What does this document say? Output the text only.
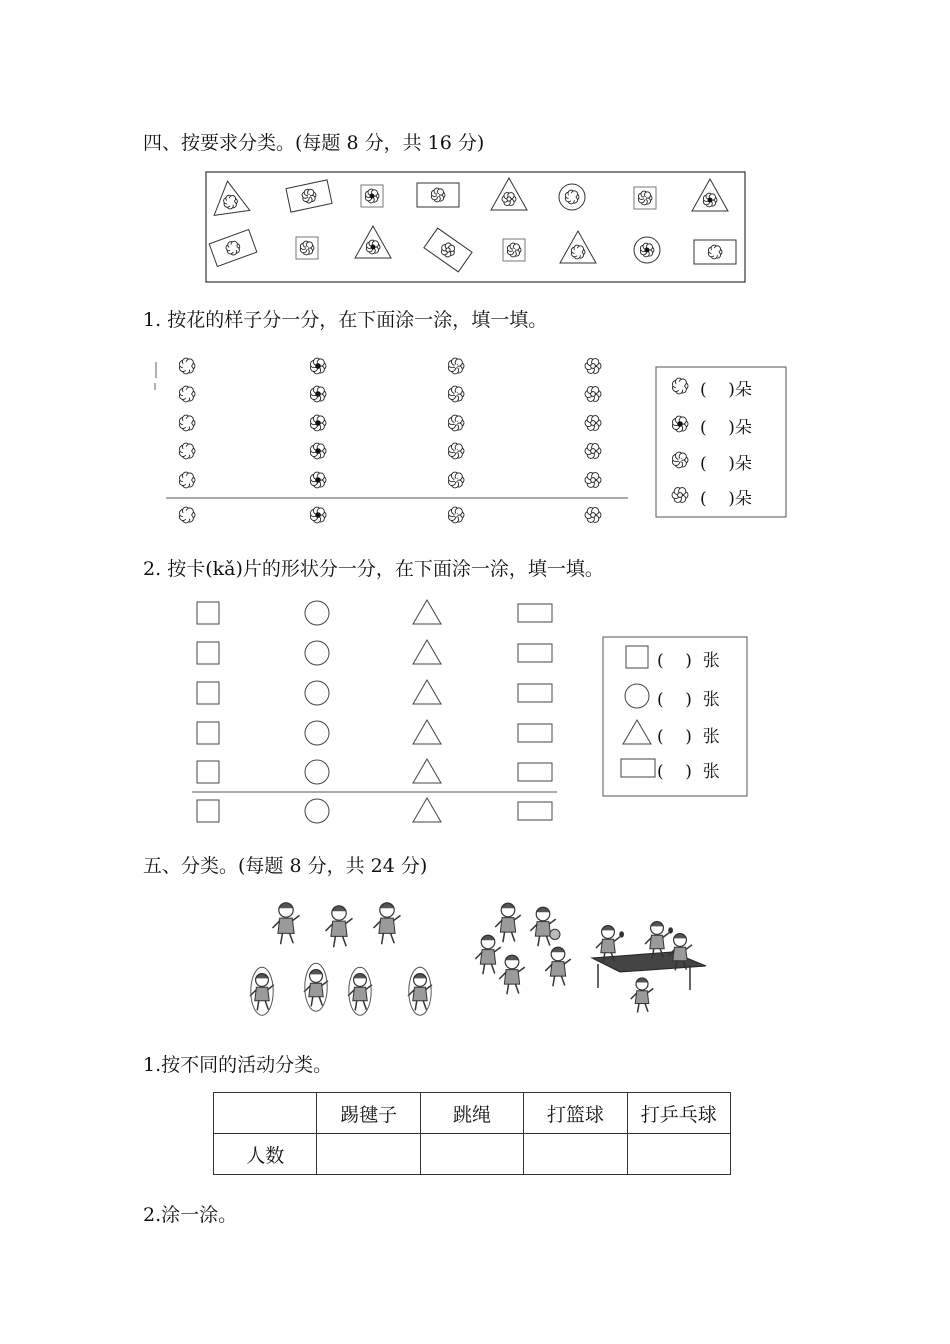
四、按要求分类。(每题 8 分，共 16 分)
1. 按花的样子分一分，在下面涂一涂，填一填。
(    )朵
(    )朵
(    )朵
(    )朵
2. 按卡(kǎ)片的形状分一分，在下面涂一涂，填一填。
(    )  张
(    )  张
(    )  张
(    )  张
五、分类。(每题 8 分，共 24 分)
1.按不同的活动分类。
	踢毽子	跳绳	打篮球	打乒乓球
人数				
2.涂一涂。
